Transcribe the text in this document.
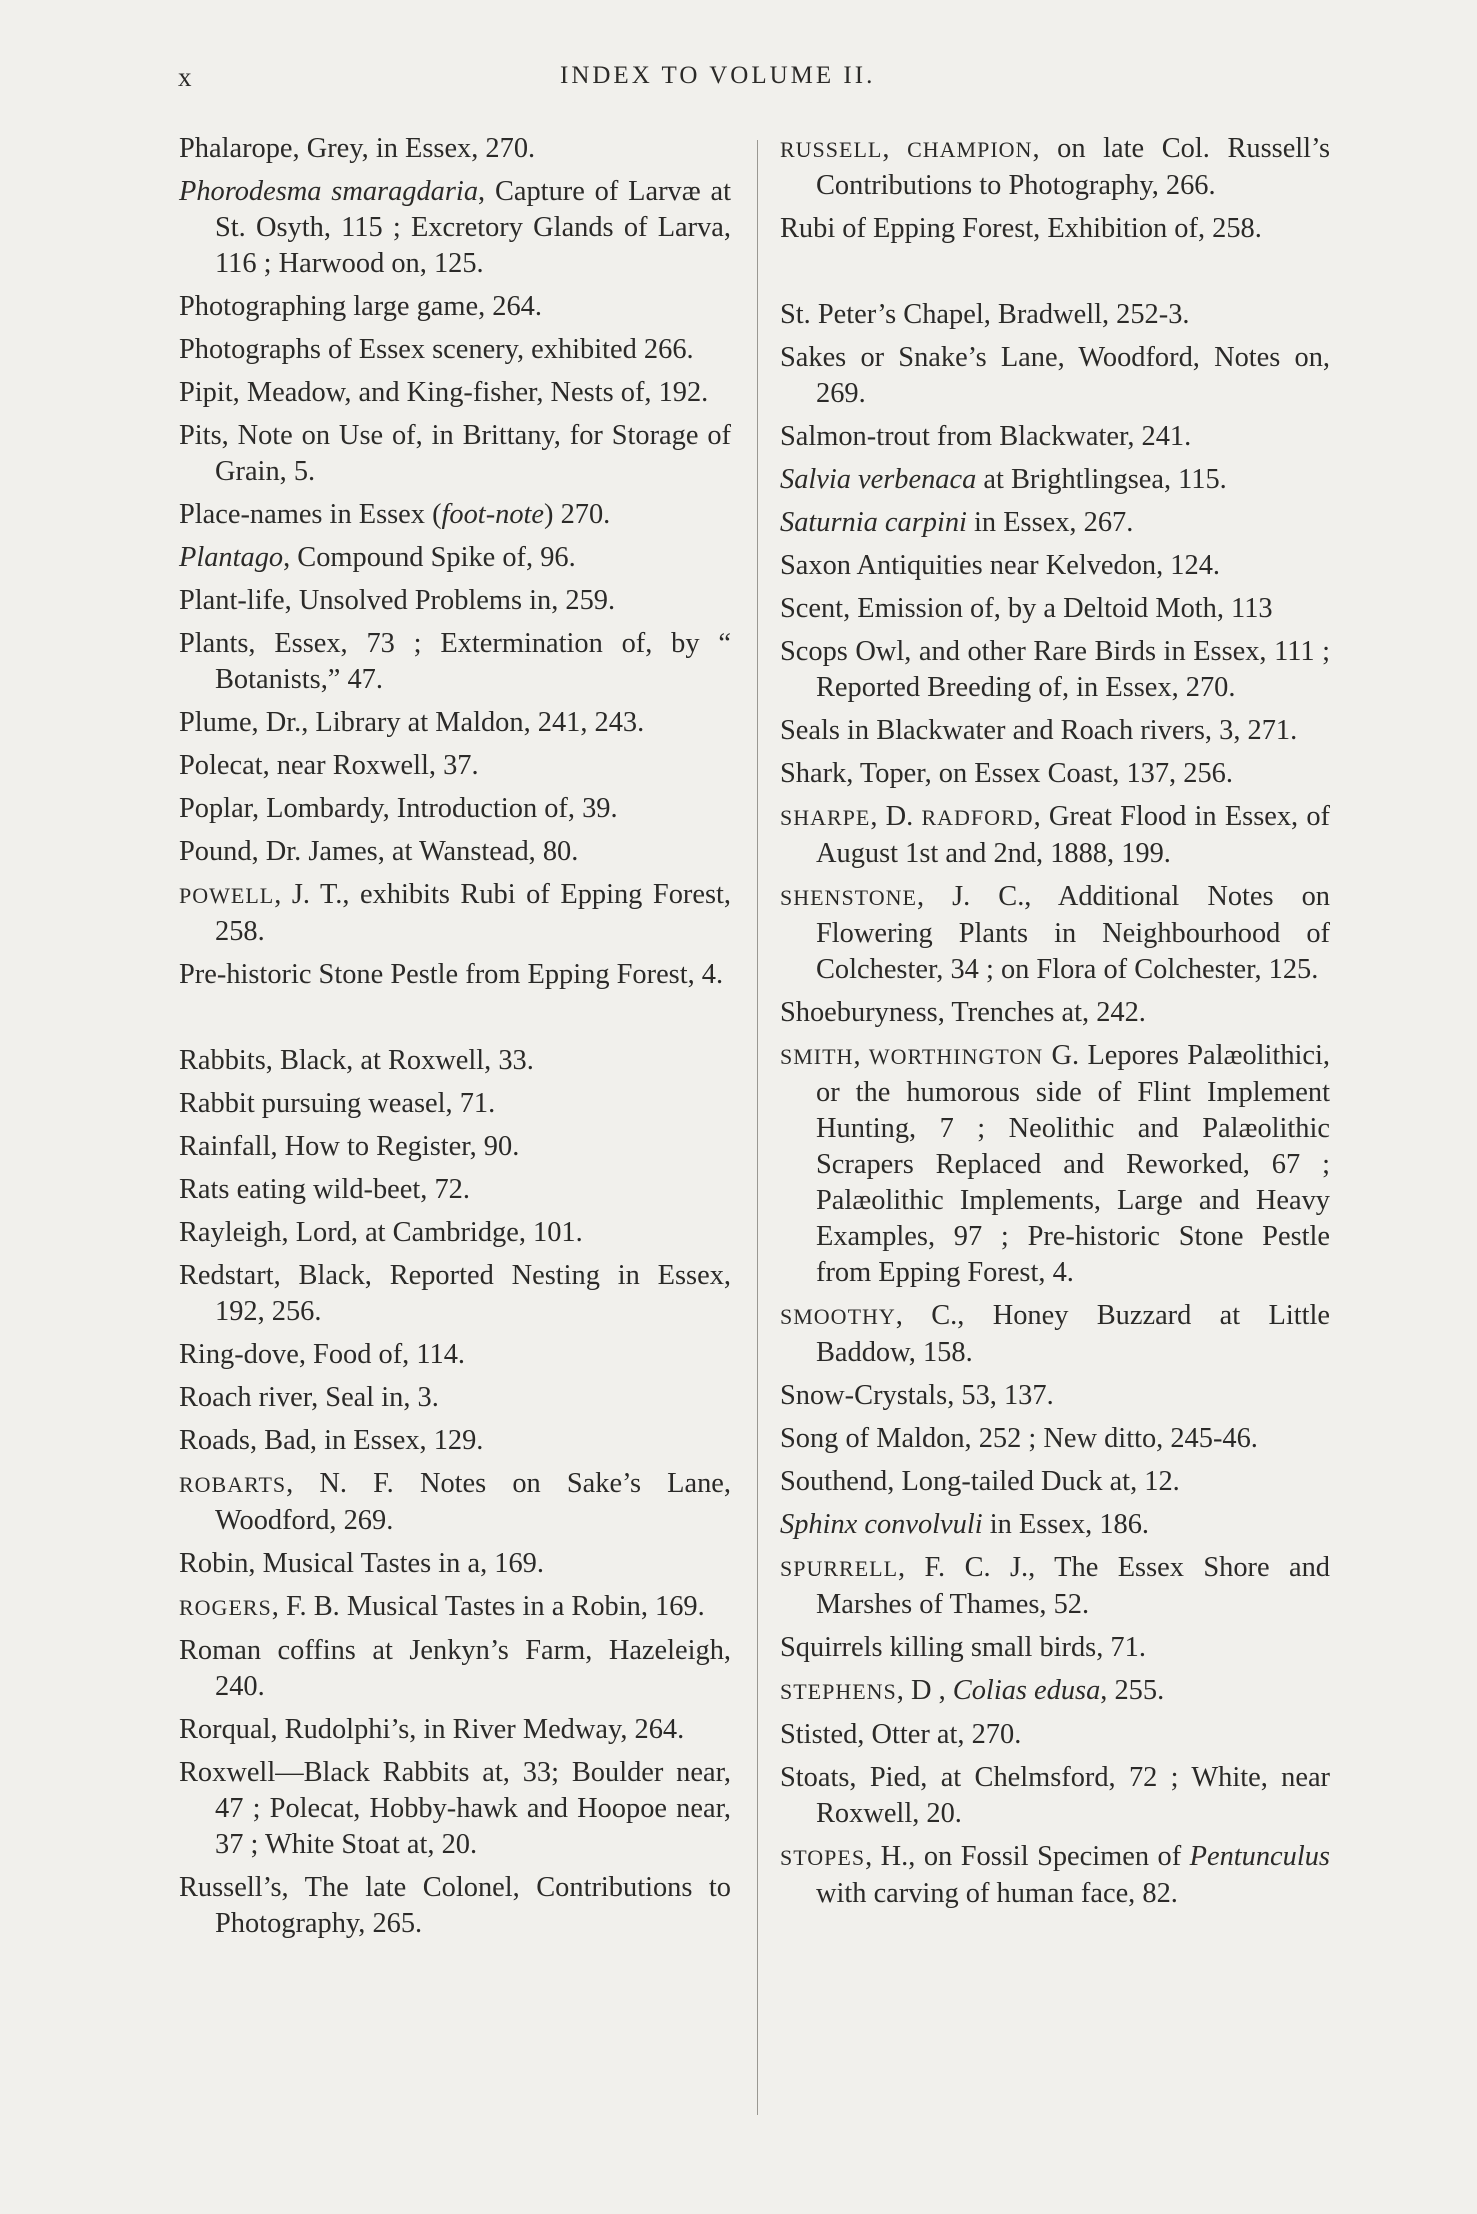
x	INDEX TO VOLUME II.

Phalarope, Grey, in Essex, 270.

Phorodesma smaragdaria, Capture of Larvæ at St. Osyth, 115 ; Excretory Glands of Larva, 116 ; Harwood on, 125.

Photographing large game, 264.

Photographs of Essex scenery, exhibited 266.

Pipit, Meadow, and King-fisher, Nests of, 192.

Pits, Note on Use of, in Brittany, for Storage of Grain, 5.

Place-names in Essex (foot-note) 270.

Plantago, Compound Spike of, 96.

Plant-life, Unsolved Problems in, 259.

Plants, Essex, 73 ; Extermination of, by “ Botanists,” 47.

Plume, Dr., Library at Maldon, 241, 243.

Polecat, near Roxwell, 37.

Poplar, Lombardy, Introduction of, 39.

Pound, Dr. James, at Wanstead, 80.

POWELL, J. T., exhibits Rubi of Epping Forest, 258.

Pre-historic Stone Pestle from Epping Forest, 4.

Rabbits, Black, at Roxwell, 33.

Rabbit pursuing weasel, 71.

Rainfall, How to Register, 90.

Rats eating wild-beet, 72.

Rayleigh, Lord, at Cambridge, 101.

Redstart, Black, Reported Nesting in Essex, 192, 256.

Ring-dove, Food of, 114.

Roach river, Seal in, 3.

Roads, Bad, in Essex, 129.

ROBARTS, N. F. Notes on Sake’s Lane, Woodford, 269.

Robin, Musical Tastes in a, 169.

ROGERS, F. B. Musical Tastes in a Robin, 169.

Roman coffins at Jenkyn’s Farm, Hazeleigh, 240.

Rorqual, Rudolphi’s, in River Medway, 264.

Roxwell—Black Rabbits at, 33; Boulder near, 47 ; Polecat, Hobby-hawk and Hoopoe near, 37 ; White Stoat at, 20.

Russell’s, The late Colonel, Contributions to Photography, 265.

RUSSELL, CHAMPION, on late Col. Russell’s Contributions to Photography, 266.

Rubi of Epping Forest, Exhibition of, 258.

St. Peter’s Chapel, Bradwell, 252-3.

Sakes or Snake’s Lane, Woodford, Notes on, 269.

Salmon-trout from Blackwater, 241.

Salvia verbenaca at Brightlingsea, 115.

Saturnia carpini in Essex, 267.

Saxon Antiquities near Kelvedon, 124.

Scent, Emission of, by a Deltoid Moth, 113

Scops Owl, and other Rare Birds in Essex, 111 ; Reported Breeding of, in Essex, 270.

Seals in Blackwater and Roach rivers, 3, 271.

Shark, Toper, on Essex Coast, 137, 256.

SHARPE, D. RADFORD, Great Flood in Essex, of August 1st and 2nd, 1888, 199.

SHENSTONE, J. C., Additional Notes on Flowering Plants in Neighbourhood of Colchester, 34 ; on Flora of Colchester, 125.

Shoeburyness, Trenches at, 242.

SMITH, WORTHINGTON G. Lepores Palæolithici, or the humorous side of Flint Implement Hunting, 7 ; Neolithic and Palæolithic Scrapers Replaced and Reworked, 67 ; Palæolithic Implements, Large and Heavy Examples, 97 ; Pre-historic Stone Pestle from Epping Forest, 4.

SMOOTHY, C., Honey Buzzard at Little Baddow, 158.

Snow-Crystals, 53, 137.

Song of Maldon, 252 ; New ditto, 245-46.

Southend, Long-tailed Duck at, 12.

Sphinx convolvuli in Essex, 186.

SPURRELL, F. C. J., The Essex Shore and Marshes of Thames, 52.

Squirrels killing small birds, 71.

STEPHENS, D , Colias edusa, 255.

Stisted, Otter at, 270.

Stoats, Pied, at Chelmsford, 72 ; White, near Roxwell, 20.

STOPES, H., on Fossil Specimen of Pentunculus with carving of human face, 82.
